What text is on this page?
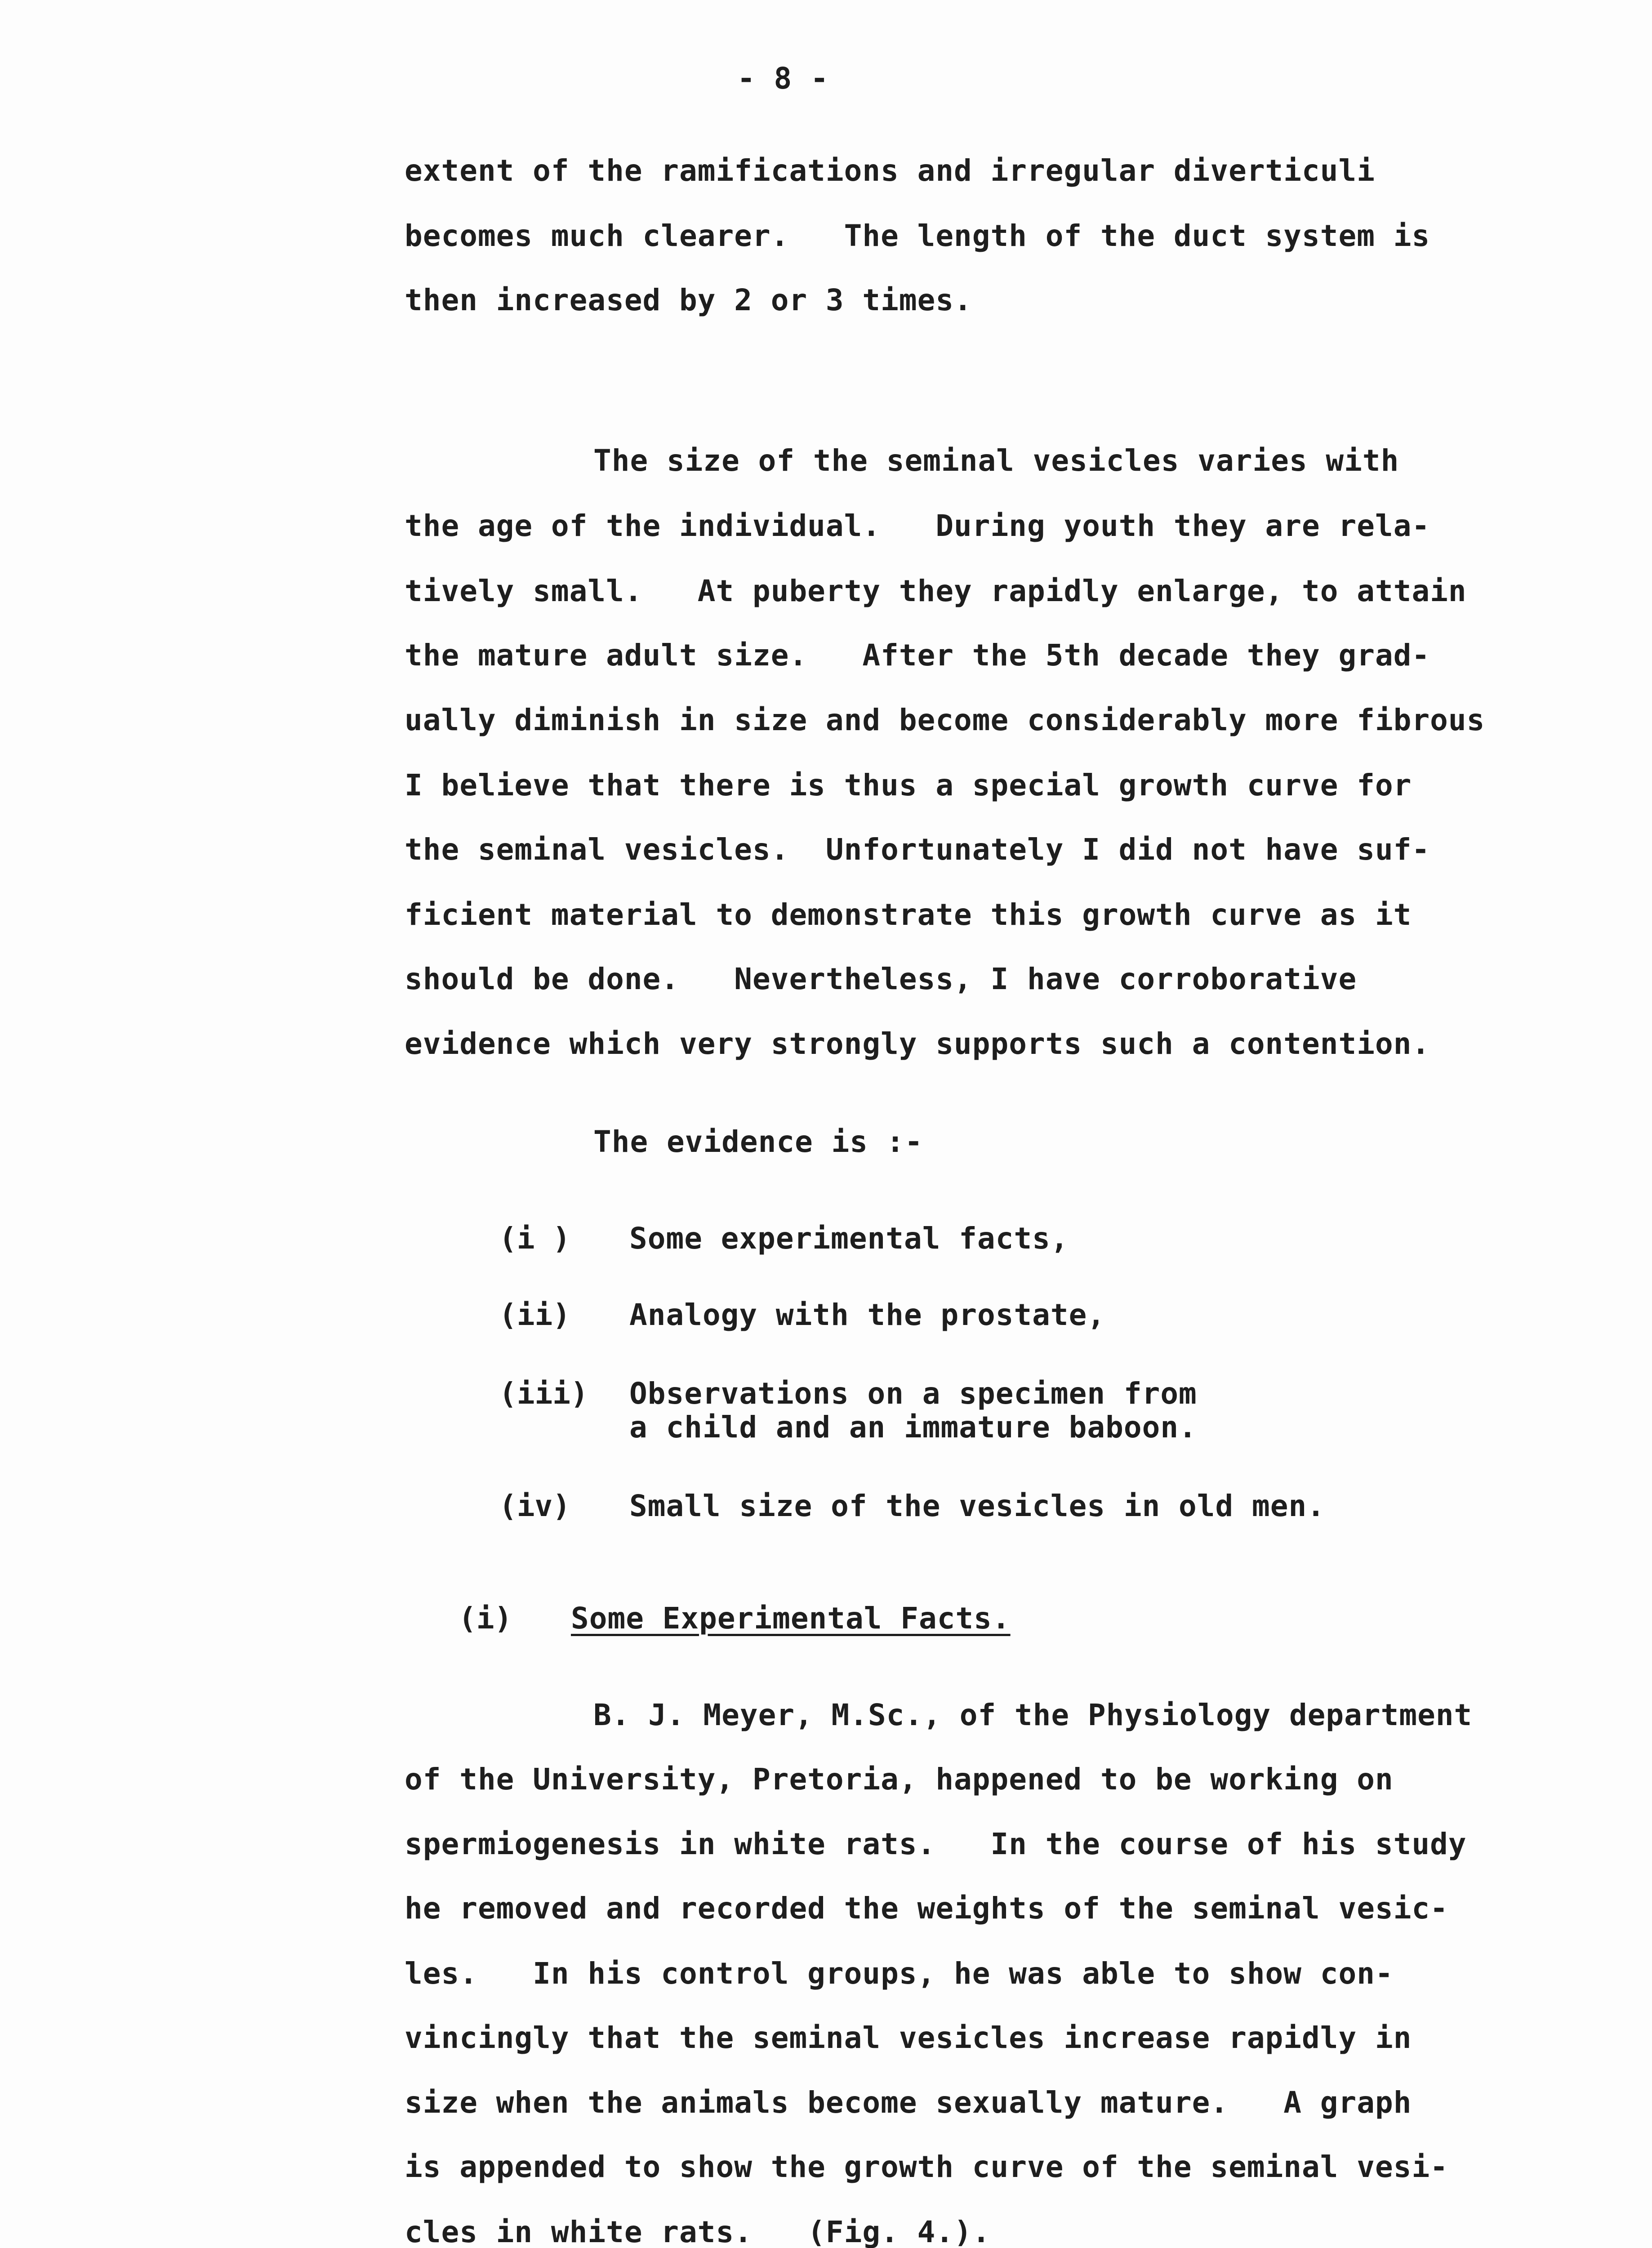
- 8 -
extent of the ramifications and irregular diverticuli
becomes much clearer.   The length of the duct system is
then increased by 2 or 3 times.
The size of the seminal vesicles varies with
the age of the individual.   During youth they are rela-
tively small.   At puberty they rapidly enlarge, to attain
the mature adult size.   After the 5th decade they grad-
ually diminish in size and become considerably more fibrous
I believe that there is thus a special growth curve for
the seminal vesicles.  Unfortunately I did not have suf-
ficient material to demonstrate this growth curve as it
should be done.   Nevertheless, I have corroborative
evidence which very strongly supports such a contention.
The evidence is :-
(i ) Some experimental facts,
(ii) Analogy with the prostate,
(iii) Observations on a specimen from
a child and an immature baboon.
(iv) Small size of the vesicles in old men.
(i) Some Experimental Facts.
B. J. Meyer, M.Sc., of the Physiology department
of the University, Pretoria, happened to be working on
spermiogenesis in white rats.   In the course of his study
he removed and recorded the weights of the seminal vesic-
les.   In his control groups, he was able to show con-
vincingly that the seminal vesicles increase rapidly in
size when the animals become sexually mature.   A graph
is appended to show the growth curve of the seminal vesi-
cles in white rats.   (Fig. 4.).
